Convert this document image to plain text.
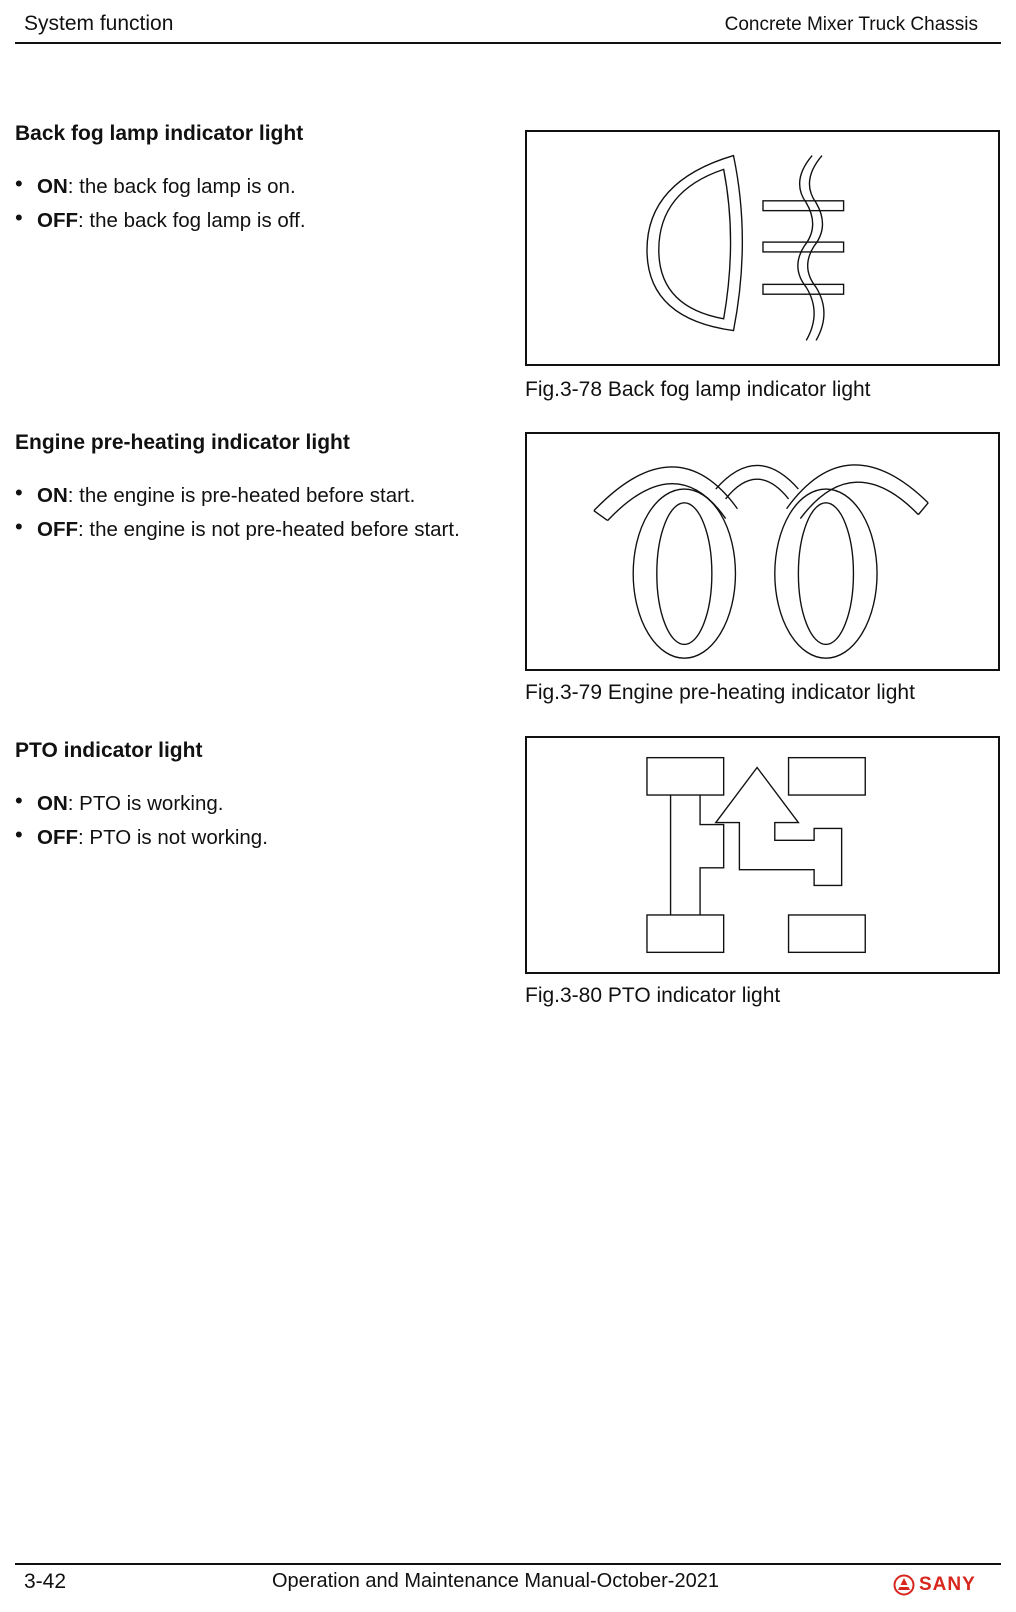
System function	Concrete Mixer Truck Chassis
Back fog lamp indicator light
• ON: the back fog lamp is on.
• OFF: the back fog lamp is off.
Fig.3-78 Back fog lamp indicator light
Engine pre-heating indicator light
• ON: the engine is pre-heated before start.
• OFF: the engine is not pre-heated before start.
Fig.3-79 Engine pre-heating indicator light
PTO indicator light
• ON: PTO is working.
• OFF: PTO is not working.
Fig.3-80 PTO indicator light
3-42	Operation and Maintenance Manual-October-2021	SANY
